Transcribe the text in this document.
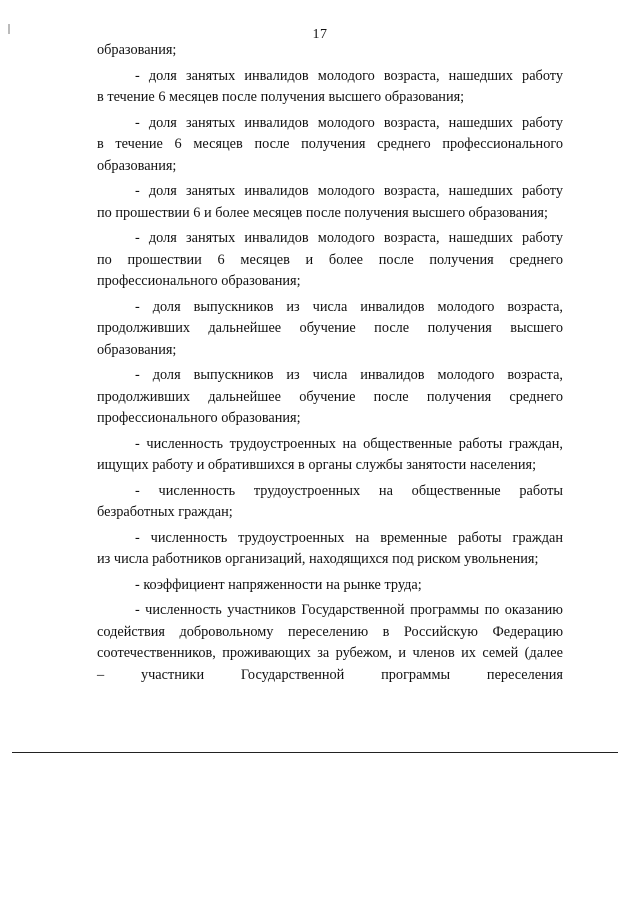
17
образования;
- доля занятых инвалидов молодого возраста, нашедших работу
в течение 6 месяцев после получения высшего образования;
- доля занятых инвалидов молодого возраста, нашедших работу
в течение 6 месяцев после получения среднего профессионального
образования;
- доля занятых инвалидов молодого возраста, нашедших работу
по прошествии 6 и более месяцев после получения высшего образования;
- доля занятых инвалидов молодого возраста, нашедших работу
по прошествии 6 месяцев и более после получения среднего
профессионального образования;
- доля выпускников из числа инвалидов молодого возраста,
продолживших дальнейшее обучение после получения высшего
образования;
- доля выпускников из числа инвалидов молодого возраста,
продолживших дальнейшее обучение после получения среднего
профессионального образования;
- численность трудоустроенных на общественные работы граждан,
ищущих работу и обратившихся в органы службы занятости населения;
- численность трудоустроенных на общественные работы
безработных граждан;
- численность трудоустроенных на временные работы граждан
из числа работников организаций, находящихся под риском увольнения;
- коэффициент напряженности на рынке труда;
- численность участников Государственной программы по оказанию
содействия добровольному переселению в Российскую Федерацию
соотечественников, проживающих за рубежом, и членов их семей (далее
– участники Государственной программы переселения
